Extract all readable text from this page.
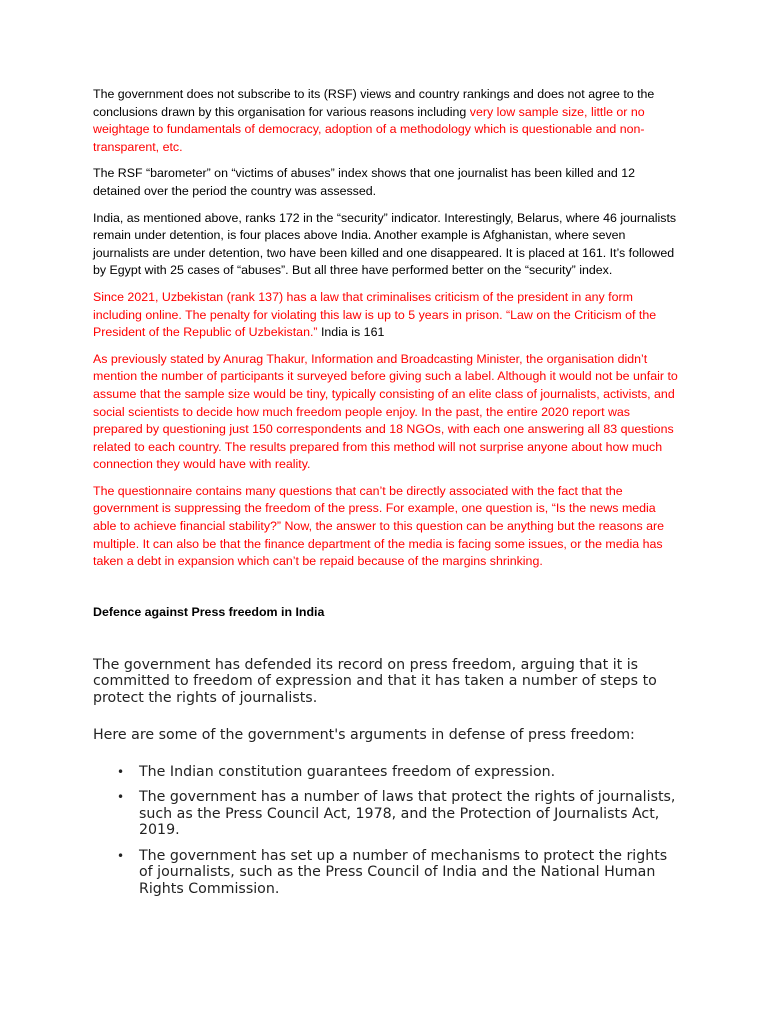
The government does not subscribe to its (RSF) views and country rankings and does not agree to the conclusions drawn by this organisation for various reasons including very low sample size, little or no weightage to fundamentals of democracy, adoption of a methodology which is questionable and non-transparent, etc.

The RSF “barometer” on “victims of abuses” index shows that one journalist has been killed and 12 detained over the period the country was assessed.

India, as mentioned above, ranks 172 in the “security” indicator. Interestingly, Belarus, where 46 journalists remain under detention, is four places above India. Another example is Afghanistan, where seven journalists are under detention, two have been killed and one disappeared. It is placed at 161. It’s followed by Egypt with 25 cases of “abuses”. But all three have performed better on the “security” index.

Since 2021, Uzbekistan (rank 137) has a law that criminalises criticism of the president in any form including online. The penalty for violating this law is up to 5 years in prison. “Law on the Criticism of the President of the Republic of Uzbekistan.” India is 161

As previously stated by Anurag Thakur, Information and Broadcasting Minister, the organisation didn’t mention the number of participants it surveyed before giving such a label. Although it would not be unfair to assume that the sample size would be tiny, typically consisting of an elite class of journalists, activists, and social scientists to decide how much freedom people enjoy. In the past, the entire 2020 report was prepared by questioning just 150 correspondents and 18 NGOs, with each one answering all 83 questions related to each country. The results prepared from this method will not surprise anyone about how much connection they would have with reality.

The questionnaire contains many questions that can’t be directly associated with the fact that the government is suppressing the freedom of the press. For example, one question is, “Is the news media able to achieve financial stability?” Now, the answer to this question can be anything but the reasons are multiple. It can also be that the finance department of the media is facing some issues, or the media has taken a debt in expansion which can’t be repaid because of the margins shrinking.

Defence against Press freedom in India

The government has defended its record on press freedom, arguing that it is committed to freedom of expression and that it has taken a number of steps to protect the rights of journalists.

Here are some of the government's arguments in defense of press freedom:

• The Indian constitution guarantees freedom of expression.
• The government has a number of laws that protect the rights of journalists, such as the Press Council Act, 1978, and the Protection of Journalists Act, 2019.
• The government has set up a number of mechanisms to protect the rights of journalists, such as the Press Council of India and the National Human Rights Commission.
